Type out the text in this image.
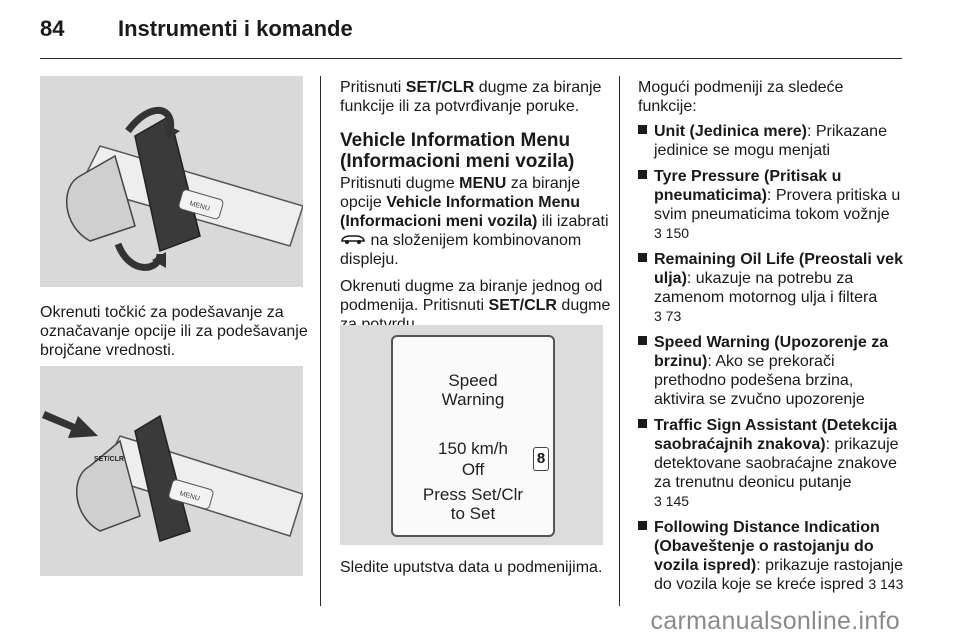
84 Instrumenti i komande
MENU
Okrenuti točkić za podešavanje za označavanje opcije ili za podešavanje brojčane vrednosti.
SET/CLR
MENU

Pritisnuti SET/CLR dugme za biranje funkcije ili za potvrđivanje poruke.

Vehicle Information Menu (Informacioni meni vozila)

Pritisnuti dugme MENU za biranje opcije Vehicle Information Menu (Informacioni meni vozila) ili izabrati  na složenijem kombinovanom displeju.

Okrenuti dugme za biranje jednog od podmenija. Pritisnuti SET/CLR dugme

Speed
Warning
150 km/h
Off
Press Set/Clr
to Set
8
Sledite uputstva data u podmenijima.

Mogući podmeniji za sledeće funkcije:

Unit (Jedinica mere): Prikazane jedinice se mogu menjati
Tyre Pressure (Pritisak u pneumaticima): Provera pritiska u svim pneumaticima tokom vožnje
3 150
Remaining Oil Life (Preostali vek ulja): ukazuje na potrebu za zamenom motornog ulja i filtera
3 73
Speed Warning (Upozorenje za brzinu): Ako se prekorači prethodno podešena brzina, aktivira se zvučno upozorenje
Traffic Sign Assistant (Detekcija saobraćajnih znakova): prikazuje detektovane saobraćajne znakove za trenutnu deonicu putanje
3 145
Following Distance Indication (Obaveštenje o rastojanju do vozila ispred): prikazuje rastojanje do vozila koje se kreće ispred 3 143
carmanualsonline.info
